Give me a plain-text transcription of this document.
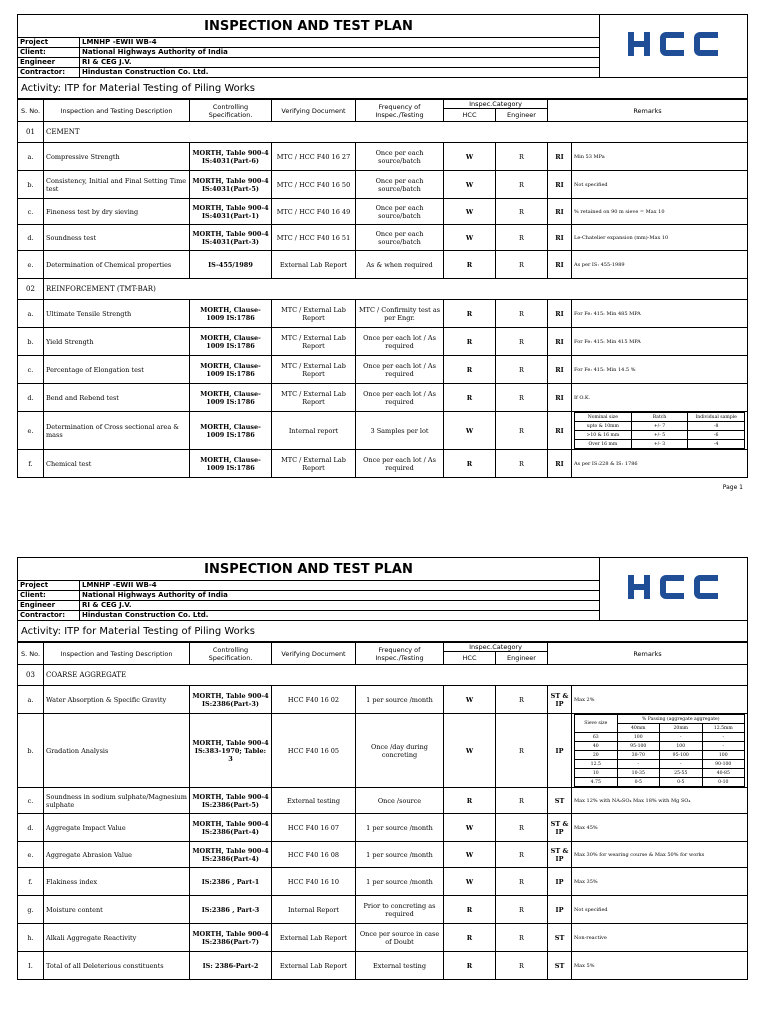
INSPECTION AND TEST PLAN	
Project	LMNHP -EWII WB-4	
Client:	National Highways Authority of India	
Engineer	RI & CEG J.V.	
Contractor:	Hindustan Construction Co. Ltd.	
Activity: ITP for Material Testing of Piling Works		
S. No.	Inspection and Testing Description	Controlling Specification.	Verifying Document	Frequency of Inspec./Testing	Inspec.Category	Remarks
HCC	Engineer
01	CEMENT
a.	Compressive Strength	MORTH, Table 900-4 IS:4031(Part-6)	MTC / HCC F40 16 27	Once per each source/batch	W	R	RI	Min 53 MPa
b.	Consistency, Initial and Final Setting Time test	MORTH, Table 900-4 IS:4031(Part-5)	MTC / HCC F40 16 50	Once per each source/batch	W	R	RI	Not specified
c.	Fineness test by dry sieving	MORTH, Table 900-4 IS:4031(Part-1)	MTC / HCC F40 16 49	Once per each source/batch	W	R	RI	% retained on 90 m sieve = Max 10
d.	Soundness test	MORTH, Table 900-4 IS:4031(Part-3)	MTC / HCC F40 16 51	Once per each source/batch	W	R	RI	Le-Chatelier expansion (mm)-Max 10
e.	Determination of Chemical properties	IS-455/1989	External Lab Report	As & when required	R	R	RI	As per IS: 455-1989
02	REINFORCEMENT (TMT-BAR)
a.	Ultimate Tensile Strength	MORTH, Clause-1009 IS:1786	MTC / External Lab Report	MTC / Confirmity test as per Engr.	R	R	RI	For Fe: 415: Min 485 MPA
b.	Yield Strength	MORTH, Clause-1009 IS:1786	MTC / External Lab Report	Once per each lot / As required	R	R	RI	For Fe: 415: Min 415 MPA
c.	Percentage of Elongation test	MORTH, Clause-1009 IS:1786	MTC / External Lab Report	Once per each lot / As required	R	R	RI	For Fe: 415: Min 14.5 %
d.	Bend and Rebend test	MORTH, Clause-1009 IS:1786	MTC / External Lab Report	Once per each lot / As required	R	R	RI	If O.K.
e.	Determination of Cross sectional area & mass	MORTH, Clause-1009 IS:1786	Internal report	3 Samples per lot	W	R	RI	
Nominal size	Batch	Individual sample
upto & 10mm	+/- 7	-8
>10 & 16 mm	+/- 5	-6
Over 16 mm	+/- 3	-4

f.	Chemical test	MORTH, Clause-1009 IS:1786	MTC / External Lab Report	Once per each lot / As required	R	R	RI	As per IS:228 & IS: 1786
Page 1
INSPECTION AND TEST PLAN	
Project	LMNHP -EWII WB-4	
Client:	National Highways Authority of India	
Engineer	RI & CEG J.V.	
Contractor:	Hindustan Construction Co. Ltd.	
Activity: ITP for Material Testing of Piling Works		
S. No.	Inspection and Testing Description	Controlling Specification.	Verifying Document	Frequency of Inspec./Testing	Inspec.Category	Remarks
HCC	Engineer
03	COARSE AGGREGATE
a.	Water Absorption & Specific Gravity	MORTH, Table 900-4 IS:2386(Part-3)	HCC F40 16 02	1 per source /month	W	R	ST & IP	Max 2%
b.	Gradation Analysis	MORTH, Table 900-4 IS:383-1970; Table: 3	HCC F40 16 05	Once /day during concreting	W	R	IP	
Sieve size	% Passing (aggregate aggregate)
40mm	20mm	12.5mm
63	100	-	-
40	95-100	100	-
20	30-70	95-100	100
12.5	-	-	90-100
10	10-35	25-55	40-85
4.75	0-5	0-5	0-10

c.	Soundness in sodium sulphate/Magnesium sulphate	MORTH, Table 900-4 IS:2386(Part-5)	External testing	Once /source	R	R	ST	Max 12% with NA₂SO₄ Max 18% with Mg SO₄
d.	Aggregate Impact Value	MORTH, Table 900-4 IS:2386(Part-4)	HCC F40 16 07	1 per source /month	W	R	ST & IP	Max 45%
e.	Aggregate Abrasion Value	MORTH, Table 900-4 IS:2386(Part-4)	HCC F40 16 08	1 per source /month	W	R	ST & IP	Max 30% for wearing course & Max 50% for works
f.	Flakiness index	IS:2386 , Part-1	HCC F40 16 10	1 per source /month	W	R	IP	Max 35%
g.	Moisture content	IS:2386 , Part-3	Internal Report	Prior to concreting as required	R	R	IP	Not specified
h.	Alkali Aggregate Reactivity	MORTH, Table 900-4 IS:2386(Part-7)	External Lab Report	Once per source in case of Doubt	R	R	ST	Non-reactive
I.	Total of all Deleterious constituents	IS: 2386-Part-2	External Lab Report	External testing	R	R	ST	Max 5%
